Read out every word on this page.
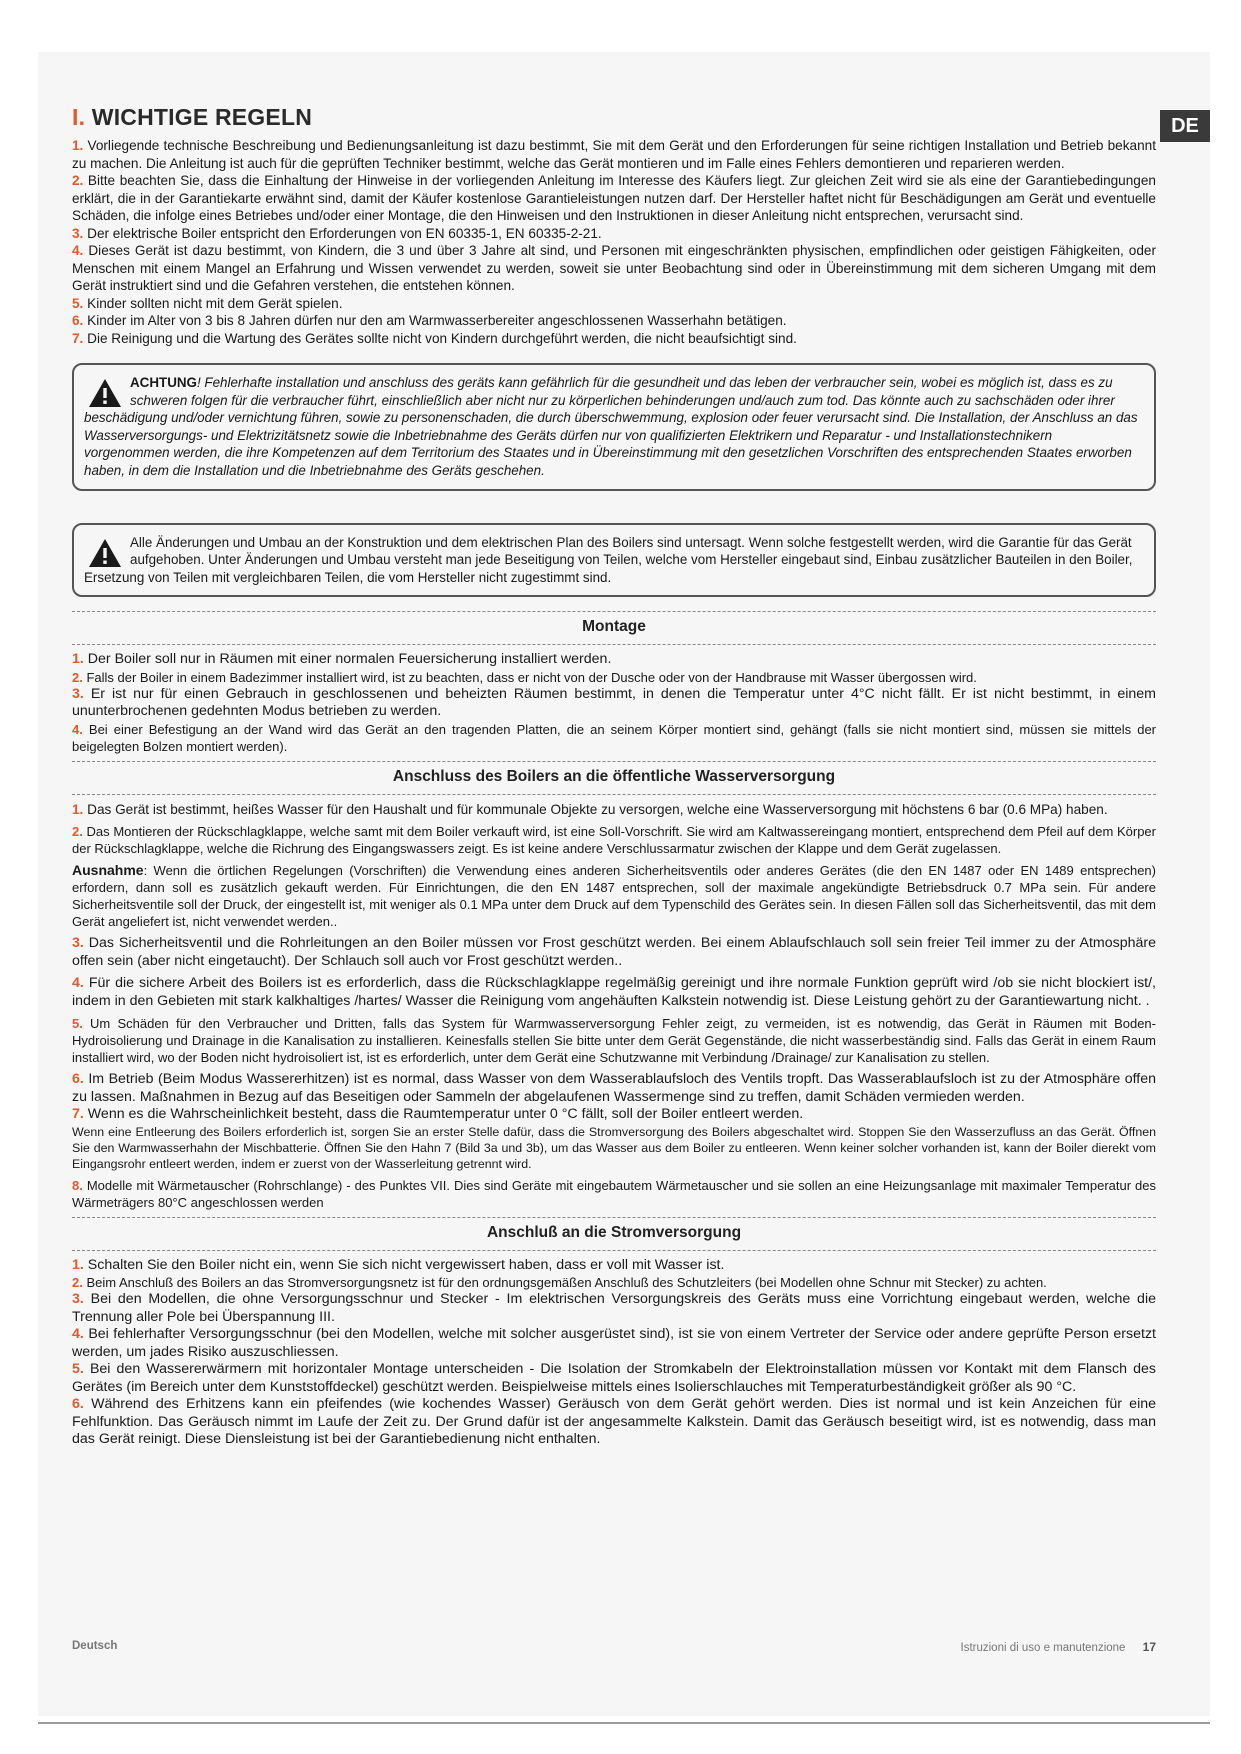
DE
I. WICHTIGE REGELN

1. Vorliegende technische Beschreibung und Bedienungsanleitung ist dazu bestimmt, Sie mit dem Gerät und den Erforderungen für seine richtigen Installation und Betrieb bekannt zu machen. Die Anleitung ist auch für die geprüften Techniker bestimmt, welche das Gerät montieren und im Falle eines Fehlers demontieren und reparieren werden.

2. Bitte beachten Sie, dass die Einhaltung der Hinweise in der vorliegenden Anleitung im Interesse des Käufers liegt. Zur gleichen Zeit wird sie als eine der Garantiebedingungen erklärt, die in der Garantiekarte erwähnt sind, damit der Käufer kostenlose Garantieleistungen nutzen darf. Der Hersteller haftet nicht für Beschädigungen am Gerät und eventuelle Schäden, die infolge eines Betriebes und/oder einer Montage, die den Hinweisen und den Instruktionen in dieser Anleitung nicht entsprechen, verursacht sind.

3. Der elektrische Boiler entspricht den Erforderungen von EN 60335-1, EN 60335-2-21.

4. Dieses Gerät ist dazu bestimmt, von Kindern, die 3 und über 3 Jahre alt sind, und Personen mit eingeschränkten physischen, empfindlichen oder geistigen Fähigkeiten, oder Menschen mit einem Mangel an Erfahrung und Wissen verwendet zu werden, soweit sie unter Beobachtung sind oder in Übereinstimmung mit dem sicheren Umgang mit dem Gerät instruktiert sind und die Gefahren verstehen, die entstehen können.

5. Kinder sollten nicht mit dem Gerät spielen.

6. Kinder im Alter von 3 bis 8 Jahren dürfen nur den am Warmwasserbereiter angeschlossenen Wasserhahn betätigen.

7. Die Reinigung und die Wartung des Gerätes sollte nicht von Kindern durchgeführt werden, die nicht beaufsichtigt sind.

ACHTUNG! Fehlerhafte installation und anschluss des geräts kann gefährlich für die gesundheit und das leben der verbraucher sein, wobei es möglich ist, dass es zu schweren folgen für die verbraucher führt, einschließlich aber nicht nur zu körperlichen behinderungen und/auch zum tod. Das könnte auch zu sachschäden oder ihrer beschädigung und/oder vernichtung führen, sowie zu personenschaden, die durch überschwemmung, explosion oder feuer verursacht sind. Die Installation, der Anschluss an das Wasserversorgungs- und Elektrizitätsnetz sowie die Inbetriebnahme des Geräts dürfen nur von qualifizierten Elektrikern und Reparatur - und Installationstechnikern vorgenommen werden, die ihre Kompetenzen auf dem Territorium des Staates und in Übereinstimmung mit den gesetzlichen Vorschriften des entsprechenden Staates erworben haben, in dem die Installation und die Inbetriebnahme des Geräts geschehen.

Alle Änderungen und Umbau an der Konstruktion und dem elektrischen Plan des Boilers sind untersagt. Wenn solche festgestellt werden, wird die Garantie für das Gerät aufgehoben. Unter Änderungen und Umbau versteht man jede Beseitigung von Teilen, welche vom Hersteller eingebaut sind, Einbau zusätzlicher Bauteilen in den Boiler, Ersetzung von Teilen mit vergleichbaren Teilen, die vom Hersteller nicht zugestimmt sind.

Montage

1. Der Boiler soll nur in Räumen mit einer normalen Feuersicherung installiert werden.

2. Falls der Boiler in einem Badezimmer installiert wird, ist zu beachten, dass er nicht von der Dusche oder von der Handbrause mit Wasser übergossen wird.

3. Er ist nur für einen Gebrauch in geschlossenen und beheizten Räumen bestimmt, in denen die Temperatur unter 4°C nicht fällt. Er ist nicht bestimmt, in einem ununterbrochenen gedehnten Modus betrieben zu werden.

4. Bei einer Befestigung an der Wand wird das Gerät an den tragenden Platten, die an seinem Körper montiert sind, gehängt (falls sie nicht montiert sind, müssen sie mittels der beigelegten Bolzen montiert werden).

Anschluss des Boilers an die öffentliche Wasserversorgung

1. Das Gerät ist bestimmt, heißes Wasser für den Haushalt und für kommunale Objekte zu versorgen, welche eine Wasserversorgung mit höchstens 6 bar (0.6 MPa) haben.

2. Das Montieren der Rückschlagklappe, welche samt mit dem Boiler verkauft wird, ist eine Soll-Vorschrift. Sie wird am Kaltwassereingang montiert, entsprechend dem Pfeil auf dem Körper der Rückschlagklappe, welche die Richrung des Eingangswassers zeigt. Es ist keine andere Verschlussarmatur zwischen der Klappe und dem Gerät zugelassen.

Ausnahme: Wenn die örtlichen Regelungen (Vorschriften) die Verwendung eines anderen Sicherheitsventils oder anderes Gerätes (die den EN 1487 oder EN 1489 entsprechen) erfordern, dann soll es zusätzlich gekauft werden. Für Einrichtungen, die den EN 1487 entsprechen, soll der maximale angekündigte Betriebsdruck 0.7 MPa sein. Für andere Sicherheitsventile soll der Druck, der eingestellt ist, mit weniger als 0.1 MPa unter dem Druck auf dem Typenschild des Gerätes sein. In diesen Fällen soll das Sicherheitsventil, das mit dem Gerät angeliefert ist, nicht verwendet werden..

3. Das Sicherheitsventil und die Rohrleitungen an den Boiler müssen vor Frost geschützt werden. Bei einem Ablaufschlauch soll sein freier Teil immer zu der Atmosphäre offen sein (aber nicht eingetaucht). Der Schlauch soll auch vor Frost geschützt werden..

4. Für die sichere Arbeit des Boilers ist es erforderlich, dass die Rückschlagklappe regelmäßig gereinigt und ihre normale Funktion geprüft wird /ob sie nicht blockiert ist/, indem in den Gebieten mit stark kalkhaltiges /hartes/ Wasser die Reinigung vom angehäuften Kalkstein notwendig ist. Diese Leistung gehört zu der Garantiewartung nicht. .

5. Um Schäden für den Verbraucher und Dritten, falls das System für Warmwasserversorgung Fehler zeigt, zu vermeiden, ist es notwendig, das Gerät in Räumen mit Boden-Hydroisolierung und Drainage in die Kanalisation zu installieren. Keinesfalls stellen Sie bitte unter dem Gerät Gegenstände, die nicht wasserbeständig sind. Falls das Gerät in einem Raum installiert wird, wo der Boden nicht hydroisoliert ist, ist es erforderlich, unter dem Gerät eine Schutzwanne mit Verbindung /Drainage/ zur Kanalisation zu stellen.

6. Im Betrieb (Beim Modus Wassererhitzen) ist es normal, dass Wasser von dem Wasserablaufsloch des Ventils tropft. Das Wasserablaufsloch ist zu der Atmosphäre offen zu lassen. Maßnahmen in Bezug auf das Beseitigen oder Sammeln der abgelaufenen Wassermenge sind zu treffen, damit Schäden vermieden werden.

7. Wenn es die Wahrscheinlichkeit besteht, dass die Raumtemperatur unter 0 °C fällt, soll der Boiler entleert werden.

Wenn eine Entleerung des Boilers erforderlich ist, sorgen Sie an erster Stelle dafür, dass die Stromversorgung des Boilers abgeschaltet wird. Stoppen Sie den Wasserzufluss an das Gerät. Öffnen Sie den Warmwasserhahn der Mischbatterie. Öffnen Sie den Hahn 7 (Bild 3a und 3b), um das Wasser aus dem Boiler zu entleeren. Wenn keiner solcher vorhanden ist, kann der Boiler dierekt vom Eingangsrohr entleert werden, indem er zuerst von der Wasserleitung getrennt wird.

8. Modelle mit Wärmetauscher (Rohrschlange) - des Punktes VII. Dies sind Geräte mit eingebautem Wärmetauscher und sie sollen an eine Heizungsanlage mit maximaler Temperatur des Wärmeträgers 80°C angeschlossen werden

Anschluß an die Stromversorgung

1. Schalten Sie den Boiler nicht ein, wenn Sie sich nicht vergewissert haben, dass er voll mit Wasser ist.

2. Beim Anschluß des Boilers an das Stromversorgungsnetz ist für den ordnungsgemäßen Anschluß des Schutzleiters (bei Modellen ohne Schnur mit Stecker) zu achten.

3. Bei den Modellen, die ohne Versorgungsschnur und Stecker - Im elektrischen Versorgungskreis des Geräts muss eine Vorrichtung eingebaut werden, welche die Trennung aller Pole bei Überspannung III.

4. Bei fehlerhafter Versorgungsschnur (bei den Modellen, welche mit solcher ausgerüstet sind), ist sie von einem Vertreter der Service oder andere geprüfte Person ersetzt werden, um jades Risiko auszuschliessen.

5. Bei den Wassererwärmern mit horizontaler Montage unterscheiden - Die Isolation der Stromkabeln der Elektroinstallation müssen vor Kontakt mit dem Flansch des Gerätes (im Bereich unter dem Kunststoffdeckel) geschützt werden. Beispielweise mittels eines Isolierschlauches mit Temperaturbeständigkeit größer als 90 °C.

6. Während des Erhitzens kann ein pfeifendes (wie kochendes Wasser) Geräusch von dem Gerät gehört werden. Dies ist normal und ist kein Anzeichen für eine Fehlfunktion. Das Geräusch nimmt im Laufe der Zeit zu. Der Grund dafür ist der angesammelte Kalkstein. Damit das Geräusch beseitigt wird, ist es notwendig, dass man das Gerät reinigt. Diese Diensleistung ist bei der Garantiebedienung nicht enthalten.

Deutsch	Istruzioni di uso e manutenzione 17
